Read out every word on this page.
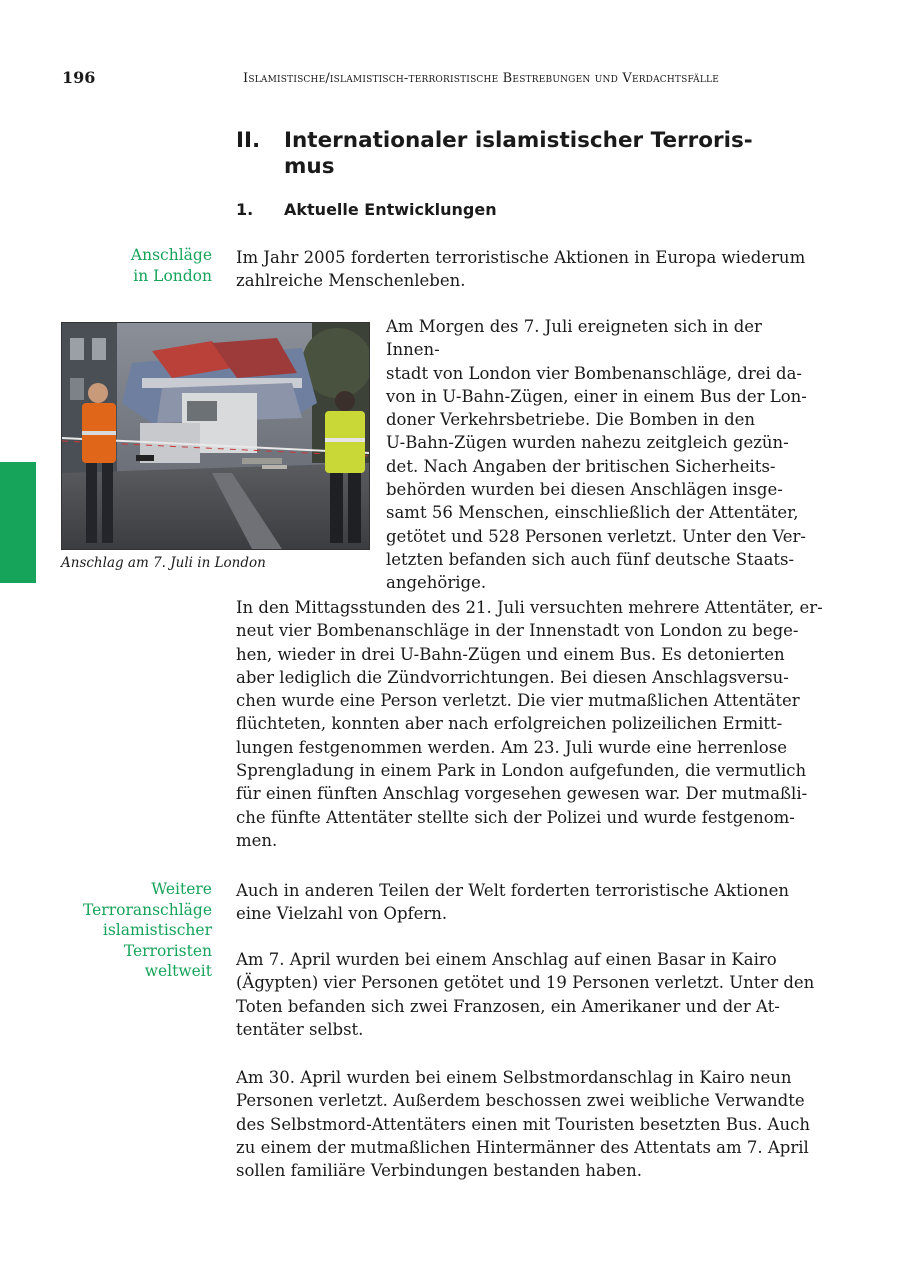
196	Islamistische/islamistisch-terroristische Bestrebungen und Verdachtsfälle
II. Internationaler islamistischer Terroris-
mus
1. Aktuelle Entwicklungen
Anschläge
in London
Im Jahr 2005 forderten terroristische Aktionen in Europa wiederum
zahlreiche Menschenleben.
Anschlag am 7. Juli in London
Am Morgen des 7. Juli ereigneten sich in der Innen-
stadt von London vier Bombenanschläge, drei da-
von in U-Bahn-Zügen, einer in einem Bus der Lon-
doner Verkehrsbetriebe. Die Bomben in den
U-Bahn-Zügen wurden nahezu zeitgleich gezün-
det. Nach Angaben der britischen Sicherheits-
behörden wurden bei diesen Anschlägen insge-
samt 56 Menschen, einschließlich der Attentäter,
getötet und 528 Personen verletzt. Unter den Ver-
letzten befanden sich auch fünf deutsche Staats-
angehörige.
In den Mittagsstunden des 21. Juli versuchten mehrere Attentäter, er-
neut vier Bombenanschläge in der Innenstadt von London zu bege-
hen, wieder in drei U-Bahn-Zügen und einem Bus. Es detonierten
aber lediglich die Zündvorrichtungen. Bei diesen Anschlagsversu-
chen wurde eine Person verletzt. Die vier mutmaßlichen Attentäter
flüchteten, konnten aber nach erfolgreichen polizeilichen Ermitt-
lungen festgenommen werden. Am 23. Juli wurde eine herrenlose
Sprengladung in einem Park in London aufgefunden, die vermutlich
für einen fünften Anschlag vorgesehen gewesen war. Der mutmaßli-
che fünfte Attentäter stellte sich der Polizei und wurde festgenom-
men.
Weitere
Terroranschläge
islamistischer
Terroristen
weltweit
Auch in anderen Teilen der Welt forderten terroristische Aktionen
eine Vielzahl von Opfern.
Am 7. April wurden bei einem Anschlag auf einen Basar in Kairo
(Ägypten) vier Personen getötet und 19 Personen verletzt. Unter den
Toten befanden sich zwei Franzosen, ein Amerikaner und der At-
tentäter selbst.
Am 30. April wurden bei einem Selbstmordanschlag in Kairo neun
Personen verletzt. Außerdem beschossen zwei weibliche Verwandte
des Selbstmord-Attentäters einen mit Touristen besetzten Bus. Auch
zu einem der mutmaßlichen Hintermänner des Attentats am 7. April
sollen familiäre Verbindungen bestanden haben.
